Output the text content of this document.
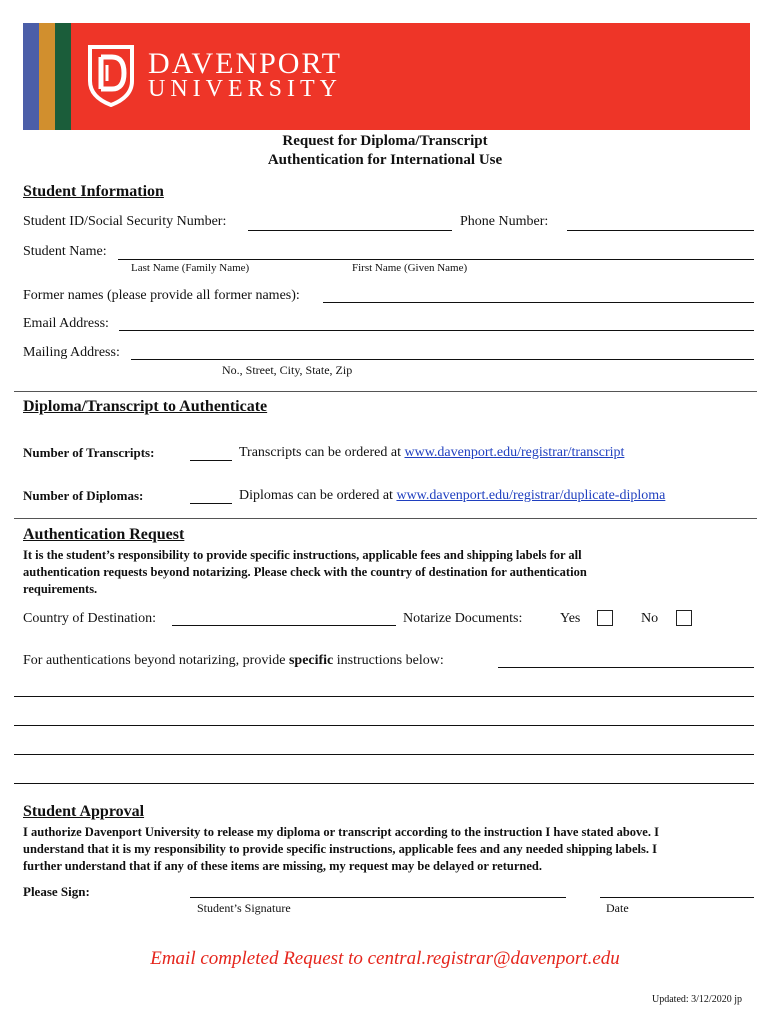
DAVENPORT
UNIVERSITY
Request for Diploma/Transcript
Authentication for International Use
Student Information
Student ID/Social Security Number:	Phone Number:
Student Name:
Last Name (Family Name)	First Name (Given Name)
Former names (please provide all former names):
Email Address:
Mailing Address:
No., Street, City, State, Zip
Diploma/Transcript to Authenticate
Number of Transcripts:	Transcripts can be ordered at www.davenport.edu/registrar/transcript
Number of Diplomas:	Diplomas can be ordered at www.davenport.edu/registrar/duplicate-diploma
Authentication Request
It is the student’s responsibility to provide specific instructions, applicable fees and shipping labels for all
authentication requests beyond notarizing. Please check with the country of destination for authentication
requirements.
Country of Destination:	Notarize Documents:	Yes	No
For authentications beyond notarizing, provide specific instructions below:
Student Approval
I authorize Davenport University to release my diploma or transcript according to the instruction I have stated above. I
understand that it is my responsibility to provide specific instructions, applicable fees and any needed shipping labels. I
further understand that if any of these items are missing, my request may be delayed or returned.
Please Sign:
Student’s Signature	Date
Email completed Request to central.registrar@davenport.edu
Updated: 3/12/2020 jp
